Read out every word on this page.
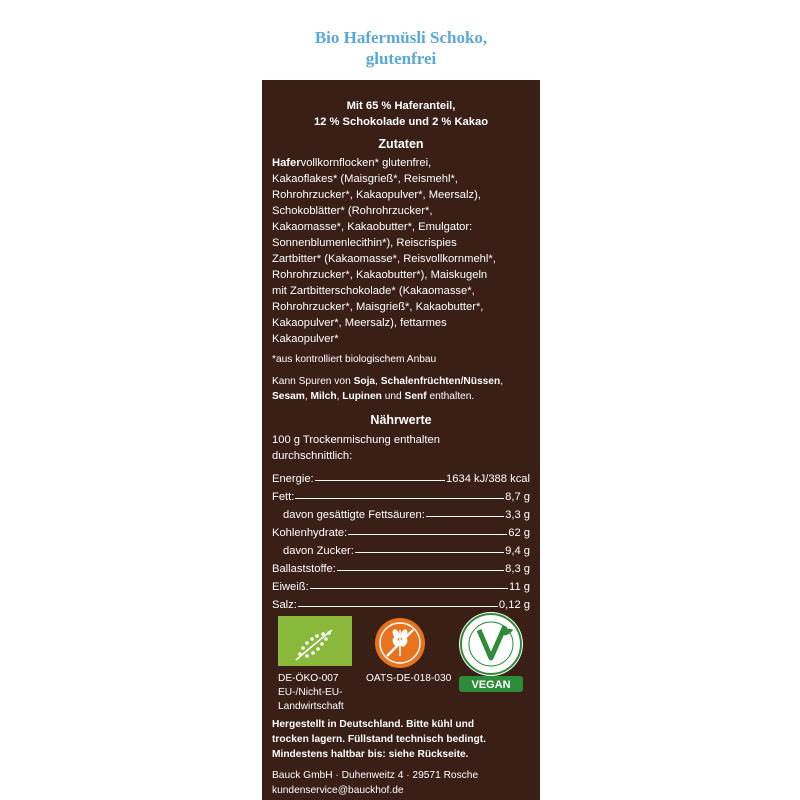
Bio Hafermüsli Schoko,
glutenfrei
Mit 65 % Haferanteil,
12 % Schokolade und 2 % Kakao
Zutaten
Hafervollkornflocken* glutenfrei,
Kakaoflakes* (Maisgrieß*, Reismehl*,
Rohrohrzucker*, Kakaopulver*, Meersalz),
Schokoblätter* (Rohrohrzucker*,
Kakaomasse*, Kakaobutter*, Emulgator:
Sonnenblumenlecithin*), Reiscrispies
Zartbitter* (Kakaomasse*, Reisvollkornmehl*,
Rohrohrzucker*, Kakaobutter*), Maiskugeln
mit Zartbitterschokolade* (Kakaomasse*,
Rohrohrzucker*, Maisgrieß*, Kakaobutter*,
Kakaopulver*, Meersalz), fettarmes
Kakaopulver*
*aus kontrolliert biologischem Anbau
Kann Spuren von Soja, Schalenfrüchten/Nüssen,
Sesam, Milch, Lupinen und Senf enthalten.
Nährwerte
100 g Trockenmischung enthalten
durchschnittlich:
Energie:	1634 kJ/388 kcal
Fett:	8,7 g
davon gesättigte Fettsäuren:	3,3 g
Kohlenhydrate:	62 g
davon Zucker:	9,4 g
Ballaststoffe:	8,3 g
Eiweiß:	11 g
Salz:	0,12 g
DE-ÖKO-007
EU-/Nicht-EU-
Landwirtschaft
OATS-DE-018-030
Hergestellt in Deutschland. Bitte kühl und
trocken lagern. Füllstand technisch bedingt.
Mindestens haltbar bis: siehe Rückseite.
Bauck GmbH · Duhenweitz 4 · 29571 Rosche
kundenservice@bauckhof.de
VEGAN
